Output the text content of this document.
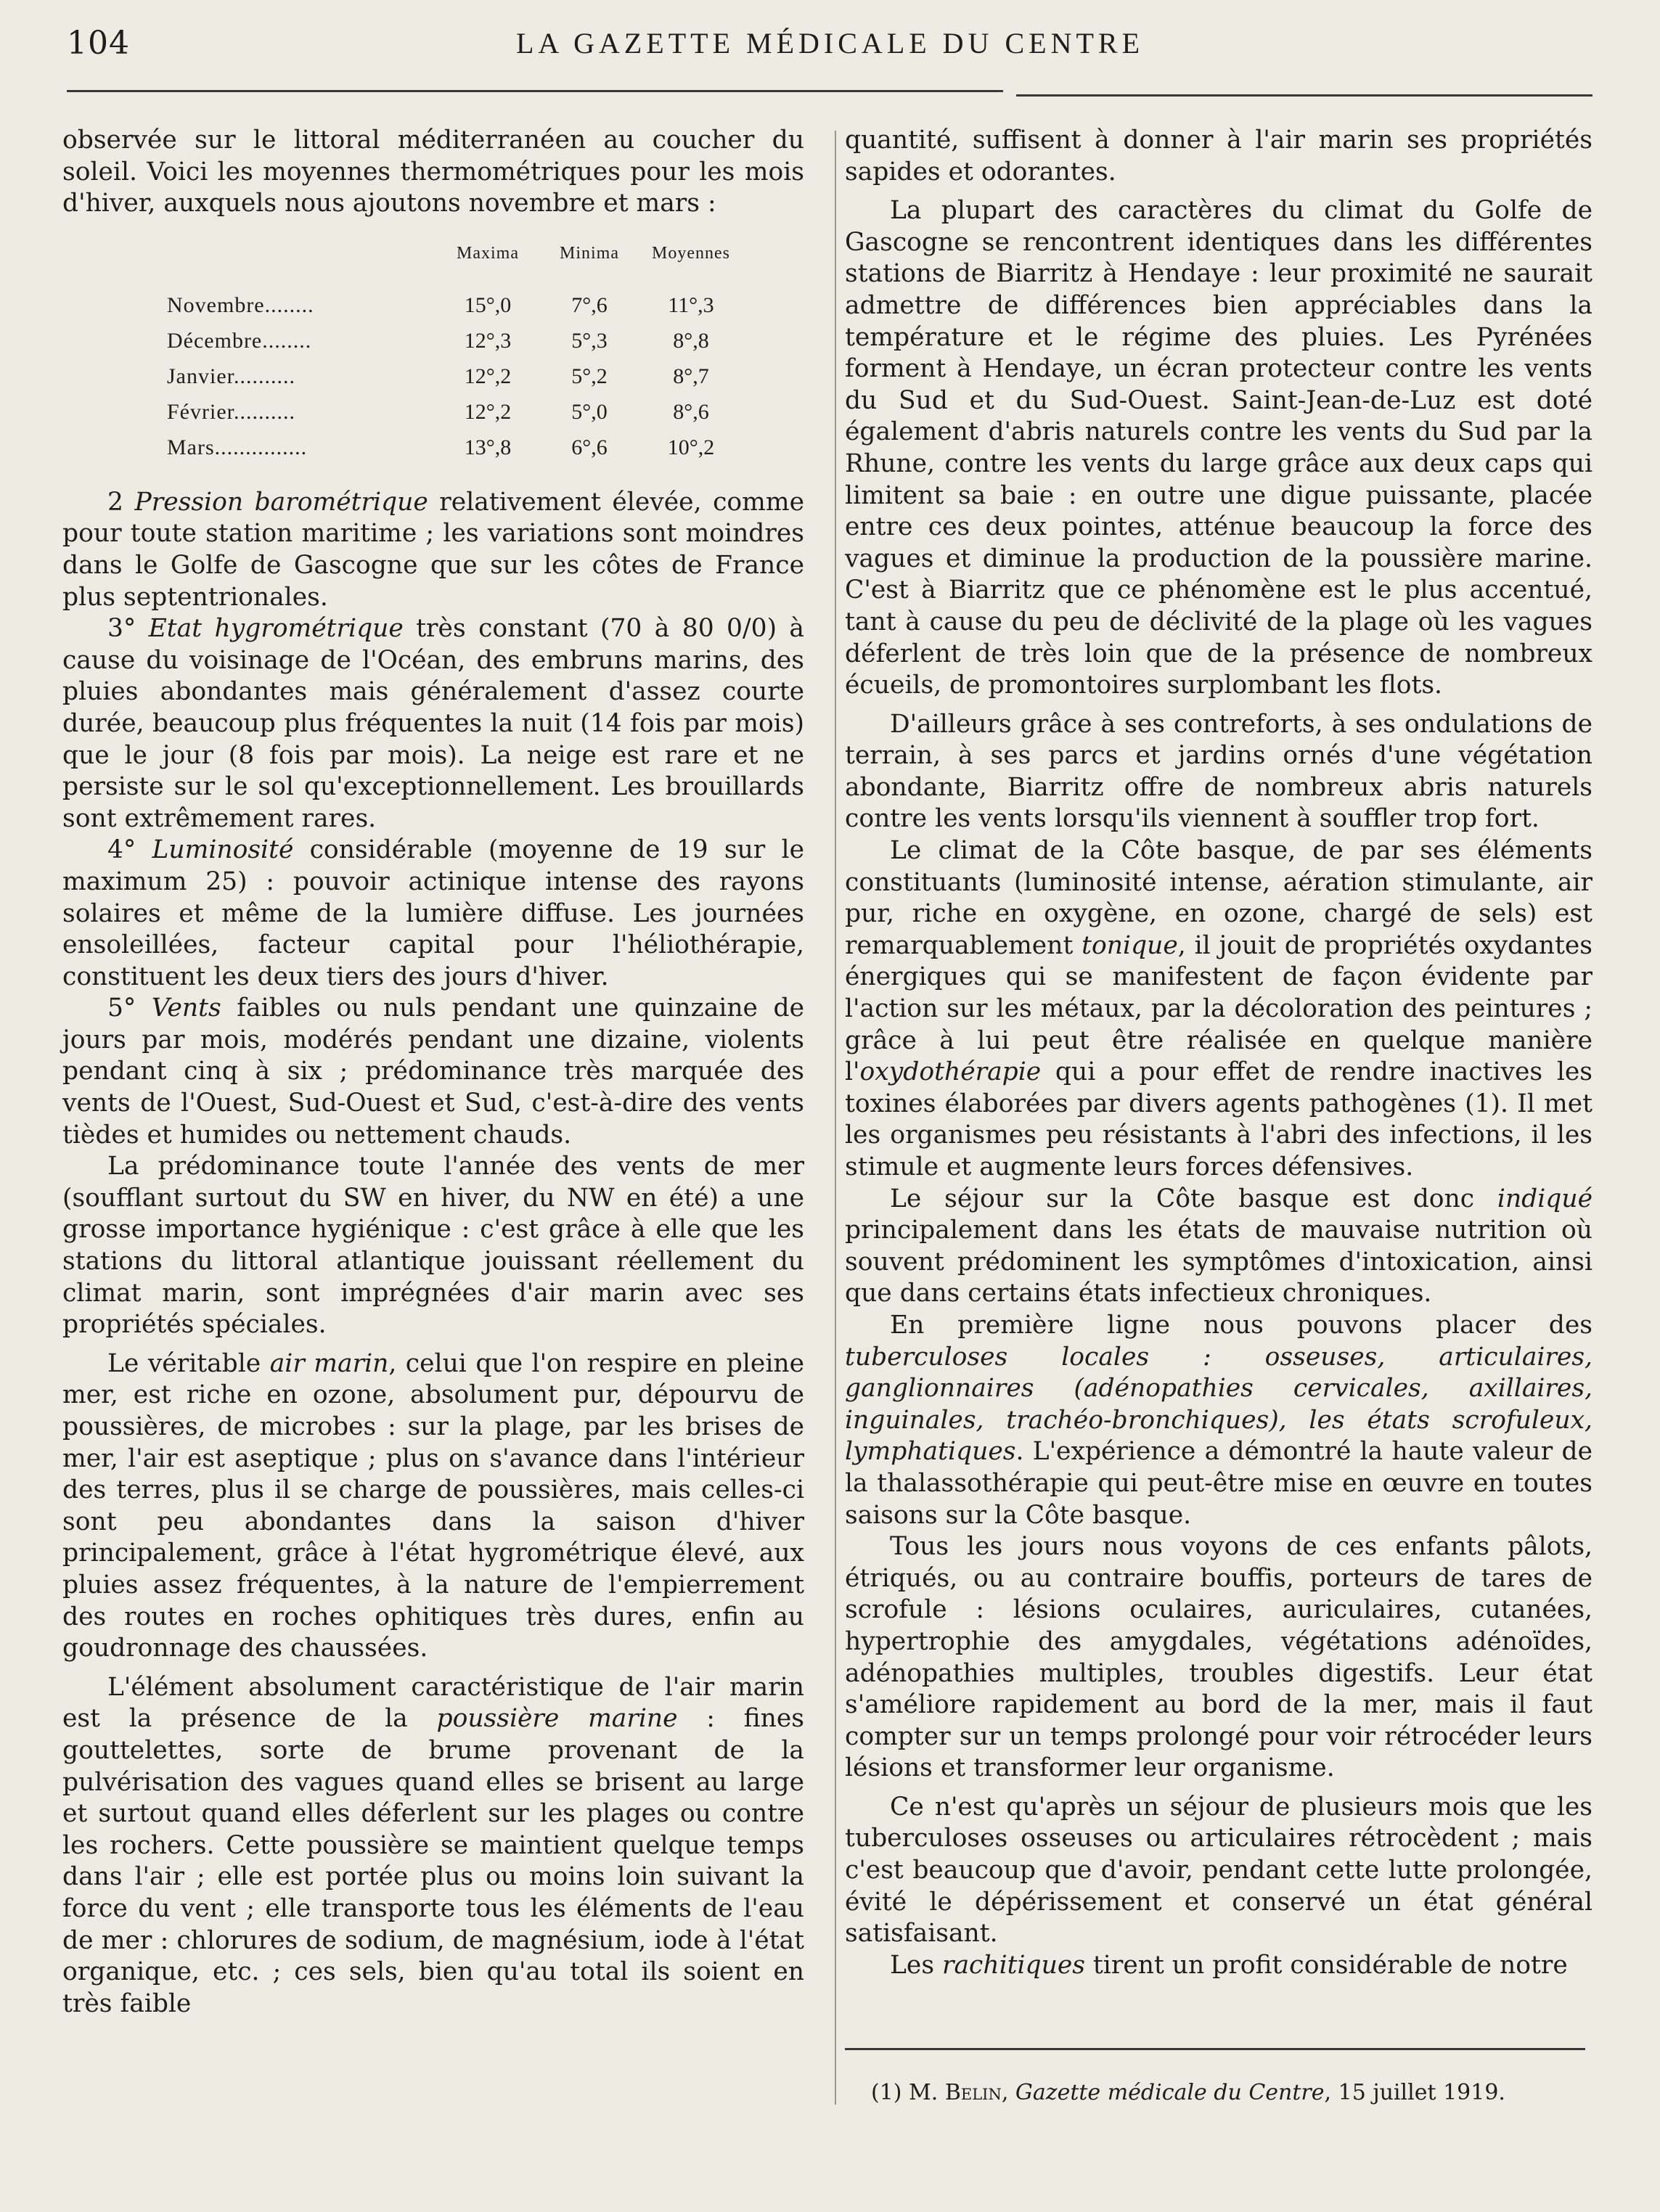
104	LA GAZETTE MÉDICALE DU CENTRE

observée sur le littoral méditerranéen au coucher du soleil. Voici les moyennes thermométriques pour les mois d'hiver, auxquels nous ajoutons novembre et mars :

	Maxima	Minima	Moyennes
Novembre........	15°,0	7°,6	11°,3
Décembre........	12°,3	5°,3	8°,8
Janvier..........	12°,2	5°,2	8°,7
Février..........	12°,2	5°,0	8°,6
Mars...............	13°,8	6°,6	10°,2

2 Pression barométrique relativement élevée, comme pour toute station maritime ; les variations sont moindres dans le Golfe de Gascogne que sur les côtes de France plus septentrionales.

3° Etat hygrométrique très constant (70 à 80 0/0) à cause du voisinage de l'Océan, des embruns marins, des pluies abondantes mais généralement d'assez courte durée, beaucoup plus fréquentes la nuit (14 fois par mois) que le jour (8 fois par mois). La neige est rare et ne persiste sur le sol qu'exceptionnellement. Les brouillards sont extrêmement rares.

4° Luminosité considérable (moyenne de 19 sur le maximum 25) : pouvoir actinique intense des rayons solaires et même de la lumière diffuse. Les journées ensoleillées, facteur capital pour l'héliothérapie, constituent les deux tiers des jours d'hiver.

5° Vents faibles ou nuls pendant une quinzaine de jours par mois, modérés pendant une dizaine, violents pendant cinq à six ; prédominance très marquée des vents de l'Ouest, Sud-Ouest et Sud, c'est-à-dire des vents tièdes et humides ou nettement chauds.

La prédominance toute l'année des vents de mer (soufflant surtout du SW en hiver, du NW en été) a une grosse importance hygiénique : c'est grâce à elle que les stations du littoral atlantique jouissant réellement du climat marin, sont imprégnées d'air marin avec ses propriétés spéciales.

Le véritable air marin, celui que l'on respire en pleine mer, est riche en ozone, absolument pur, dépourvu de poussières, de microbes : sur la plage, par les brises de mer, l'air est aseptique ; plus on s'avance dans l'intérieur des terres, plus il se charge de poussières, mais celles-ci sont peu abondantes dans la saison d'hiver principalement, grâce à l'état hygrométrique élevé, aux pluies assez fréquentes, à la nature de l'empierrement des routes en roches ophitiques très dures, enfin au goudronnage des chaussées.

L'élément absolument caractéristique de l'air marin est la présence de la poussière marine : fines gouttelettes, sorte de brume provenant de la pulvérisation des vagues quand elles se brisent au large et surtout quand elles déferlent sur les plages ou contre les rochers. Cette poussière se maintient quelque temps dans l'air ; elle est portée plus ou moins loin suivant la force du vent ; elle transporte tous les éléments de l'eau de mer : chlorures de sodium, de magnésium, iode à l'état organique, etc. ; ces sels, bien qu'au total ils soient en très faible

quantité, suffisent à donner à l'air marin ses propriétés sapides et odorantes.

La plupart des caractères du climat du Golfe de Gascogne se rencontrent identiques dans les différentes stations de Biarritz à Hendaye : leur proximité ne saurait admettre de différences bien appréciables dans la température et le régime des pluies. Les Pyrénées forment à Hendaye, un écran protecteur contre les vents du Sud et du Sud-Ouest. Saint-Jean-de-Luz est doté également d'abris naturels contre les vents du Sud par la Rhune, contre les vents du large grâce aux deux caps qui limitent sa baie : en outre une digue puissante, placée entre ces deux pointes, atténue beaucoup la force des vagues et diminue la production de la poussière marine. C'est à Biarritz que ce phénomène est le plus accentué, tant à cause du peu de déclivité de la plage où les vagues déferlent de très loin que de la présence de nombreux écueils, de promontoires surplombant les flots.

D'ailleurs grâce à ses contreforts, à ses ondulations de terrain, à ses parcs et jardins ornés d'une végétation abondante, Biarritz offre de nombreux abris naturels contre les vents lorsqu'ils viennent à souffler trop fort.

Le climat de la Côte basque, de par ses éléments constituants (luminosité intense, aération stimulante, air pur, riche en oxygène, en ozone, chargé de sels) est remarquablement tonique, il jouit de propriétés oxydantes énergiques qui se manifestent de façon évidente par l'action sur les métaux, par la décoloration des peintures ; grâce à lui peut être réalisée en quelque manière l'oxydothérapie qui a pour effet de rendre inactives les toxines élaborées par divers agents pathogènes (1). Il met les organismes peu résistants à l'abri des infections, il les stimule et augmente leurs forces défensives.

Le séjour sur la Côte basque est donc indiqué principalement dans les états de mauvaise nutrition où souvent prédominent les symptômes d'intoxication, ainsi que dans certains états infectieux chroniques.

En première ligne nous pouvons placer des tuberculoses locales : osseuses, articulaires, ganglionnaires (adénopathies cervicales, axillaires, inguinales, trachéo-bronchiques), les états scrofuleux, lymphatiques. L'expérience a démontré la haute valeur de la thalassothérapie qui peut-être mise en œuvre en toutes saisons sur la Côte basque.

Tous les jours nous voyons de ces enfants pâlots, étriqués, ou au contraire bouffis, porteurs de tares de scrofule : lésions oculaires, auriculaires, cutanées, hypertrophie des amygdales, végétations adénoïdes, adénopathies multiples, troubles digestifs. Leur état s'améliore rapidement au bord de la mer, mais il faut compter sur un temps prolongé pour voir rétrocéder leurs lésions et transformer leur organisme.

Ce n'est qu'après un séjour de plusieurs mois que les tuberculoses osseuses ou articulaires rétrocèdent ; mais c'est beaucoup que d'avoir, pendant cette lutte prolongée, évité le dépérissement et conservé un état général satisfaisant.

Les rachitiques tirent un profit considérable de notre

(1) M. Belin, Gazette médicale du Centre, 15 juillet 1919.
